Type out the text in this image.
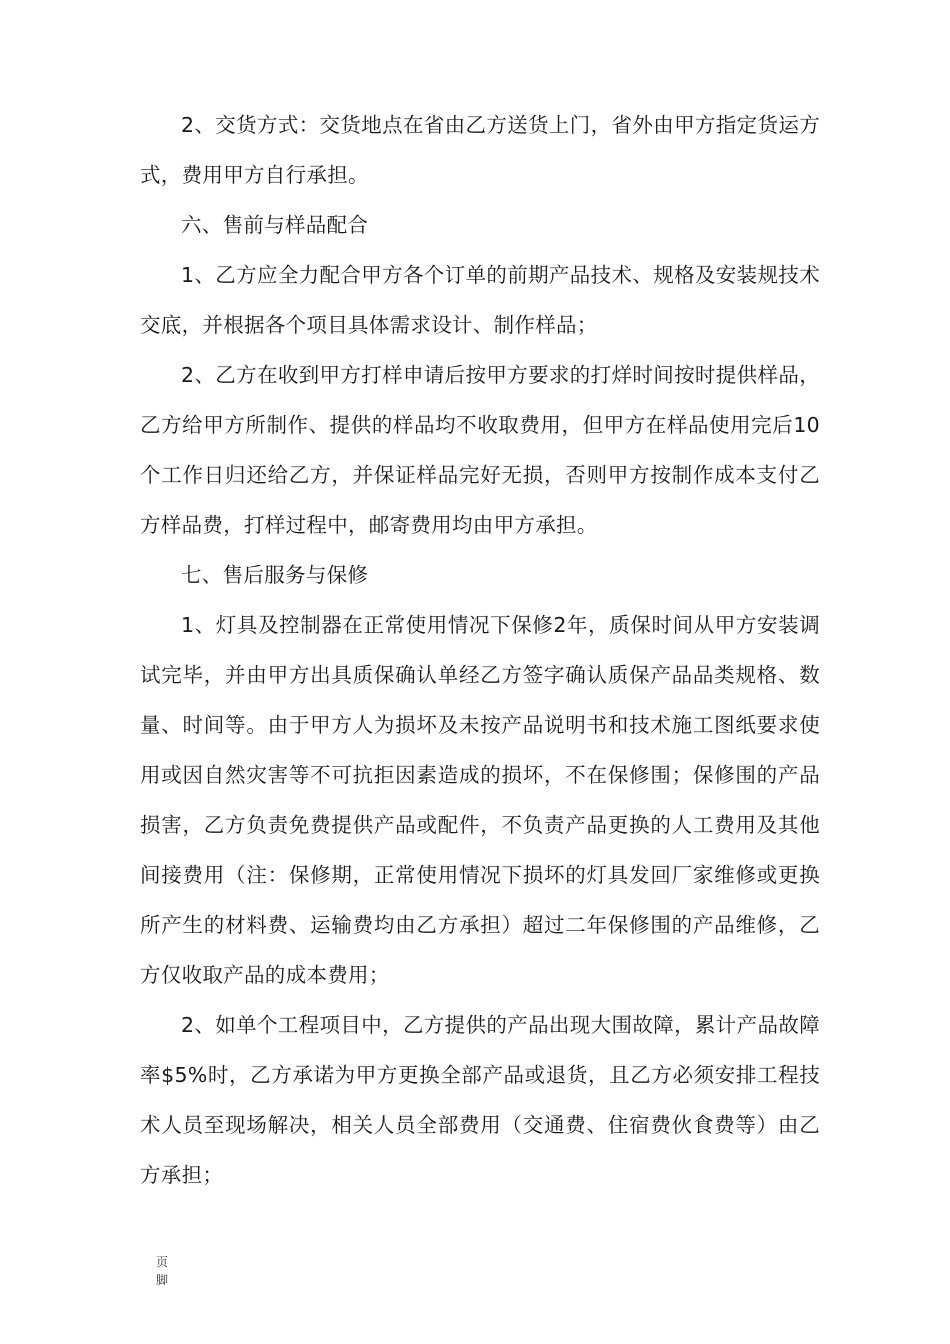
2、交货方式：交货地点在省由乙方送货上门，省外由甲方指定货运方式，费用甲方自行承担。

六、售前与样品配合

1、乙方应全力配合甲方各个订单的前期产品技术、规格及安装规技术交底，并根据各个项目具体需求设计、制作样品；

2、乙方在收到甲方打样申请后按甲方要求的打烊时间按时提供样品，乙方给甲方所制作、提供的样品均不收取费用，但甲方在样品使用完后10个工作日归还给乙方，并保证样品完好无损，否则甲方按制作成本支付乙方样品费，打样过程中，邮寄费用均由甲方承担。

七、售后服务与保修

1、灯具及控制器在正常使用情况下保修2年，质保时间从甲方安装调试完毕，并由甲方出具质保确认单经乙方签字确认质保产品品类规格、数量、时间等。由于甲方人为损坏及未按产品说明书和技术施工图纸要求使用或因自然灾害等不可抗拒因素造成的损坏，不在保修围；保修围的产品损害，乙方负责免费提供产品或配件，不负责产品更换的人工费用及其他间接费用（注：保修期，正常使用情况下损坏的灯具发回厂家维修或更换所产生的材料费、运输费均由乙方承担）超过二年保修围的产品维修，乙方仅收取产品的成本费用；

2、如单个工程项目中，乙方提供的产品出现大围故障，累计产品故障率$5%时，乙方承诺为甲方更换全部产品或退货，且乙方必须安排工程技术人员至现场解决，相关人员全部费用（交通费、住宿费伙食费等）由乙方承担；

页
脚
